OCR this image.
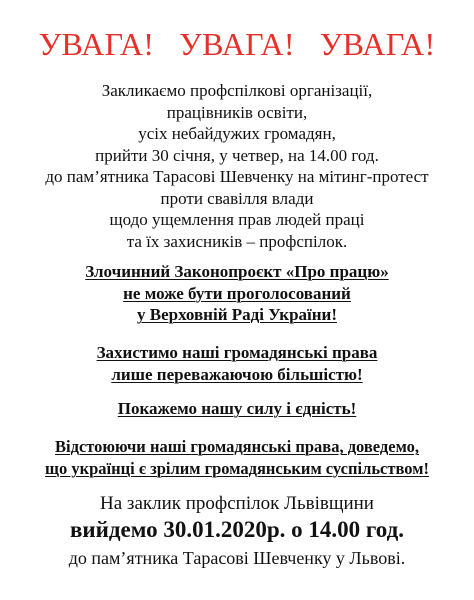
УВАГА!   УВАГА!   УВАГА!
Закликаємо профспілкові організації,
працівників освіти,
усіх небайдужих громадян,
прийти 30 січня, у четвер, на 14.00 год.
до пам’ятника Тарасові Шевченку на мітинг-протест
проти свавілля влади
щодо ущемлення прав людей праці
та їх захисників – профспілок.
Злочинний Законопроєкт «Про працю»
не може бути проголосований
у Верховній Раді України!
Захистимо наші громадянські права
лише переважаючою більшістю!
Покажемо нашу силу і єдність!
Відстоюючи наші громадянські права, доведемо,
що українці є зрілим громадянським суспільством!
На заклик профспілок Львівщини
вийдемо 30.01.2020р. о 14.00 год.
до пам’ятника Тарасові Шевченку у Львові.
